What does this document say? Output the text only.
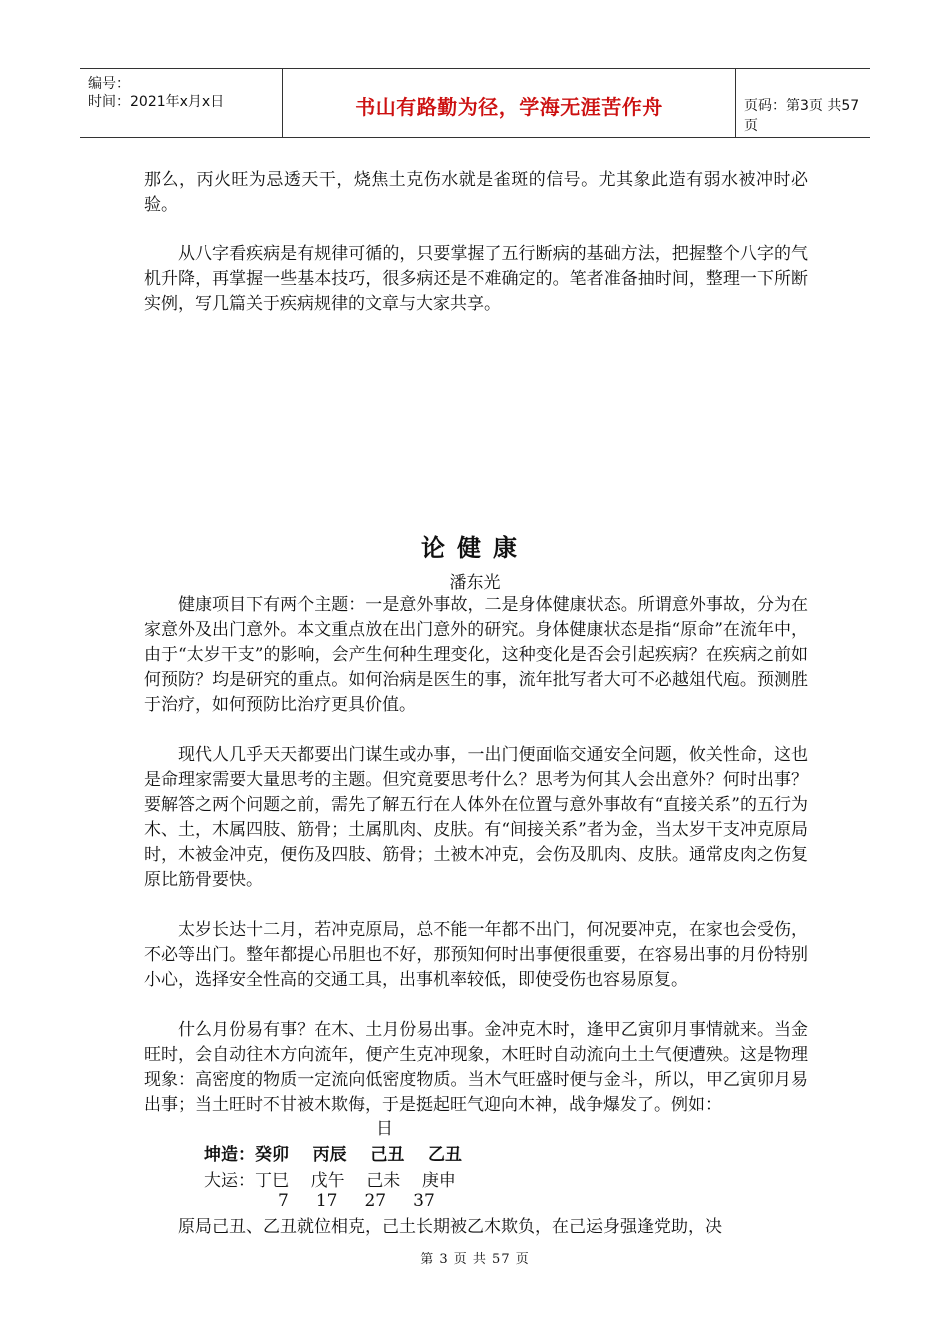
编号：
时间：2021年x月x日	书山有路勤为径，学海无涯苦作舟	页码：第3页 共57页
那么，丙火旺为忌透天干，烧焦土克伤水就是雀斑的信号。尤其象此造有弱水被冲时必验。
从八字看疾病是有规律可循的，只要掌握了五行断病的基础方法，把握整个八字的气机升降，再掌握一些基本技巧，很多病还是不难确定的。笔者准备抽时间，整理一下所断实例，写几篇关于疾病规律的文章与大家共享。
论健康
潘东光
健康项目下有两个主题：一是意外事故，二是身体健康状态。所谓意外事故，分为在家意外及出门意外。本文重点放在出门意外的研究。身体健康状态是指“原命”在流年中，由于“太岁干支”的影响，会产生何种生理变化，这种变化是否会引起疾病？在疾病之前如何预防？均是研究的重点。如何治病是医生的事，流年批写者大可不必越俎代庖。预测胜于治疗，如何预防比治疗更具价值。
现代人几乎天天都要出门谋生或办事，一出门便面临交通安全问题，攸关性命，这也是命理家需要大量思考的主题。但究竟要思考什么？思考为何其人会出意外？何时出事？要解答之两个问题之前，需先了解五行在人体外在位置与意外事故有“直接关系”的五行为木、土，木属四肢、筋骨；土属肌肉、皮肤。有“间接关系”者为金，当太岁干支冲克原局时，木被金冲克，便伤及四肢、筋骨；土被木冲克，会伤及肌肉、皮肤。通常皮肉之伤复原比筋骨要快。
太岁长达十二月，若冲克原局，总不能一年都不出门，何况要冲克，在家也会受伤，不必等出门。整年都提心吊胆也不好，那预知何时出事便很重要，在容易出事的月份特别小心，选择安全性高的交通工具，出事机率较低，即使受伤也容易原复。
什么月份易有事？在木、土月份易出事。金冲克木时，逢甲乙寅卯月事情就来。当金旺时，会自动往木方向流年，便产生克冲现象，木旺时自动流向土土气便遭殃。这是物理现象：高密度的物质一定流向低密度物质。当木气旺盛时便与金斗，所以，甲乙寅卯月易出事；当土旺时不甘被木欺侮，于是挺起旺气迎向木神，战争爆发了。例如：
日
坤造：癸卯    丙辰    己丑    乙丑
大运：丁巳    戊午    己未    庚申
7     17     27     37
原局己丑、乙丑就位相克，己土长期被乙木欺负，在己运身强逢党助，决
第 3 页 共 57 页
